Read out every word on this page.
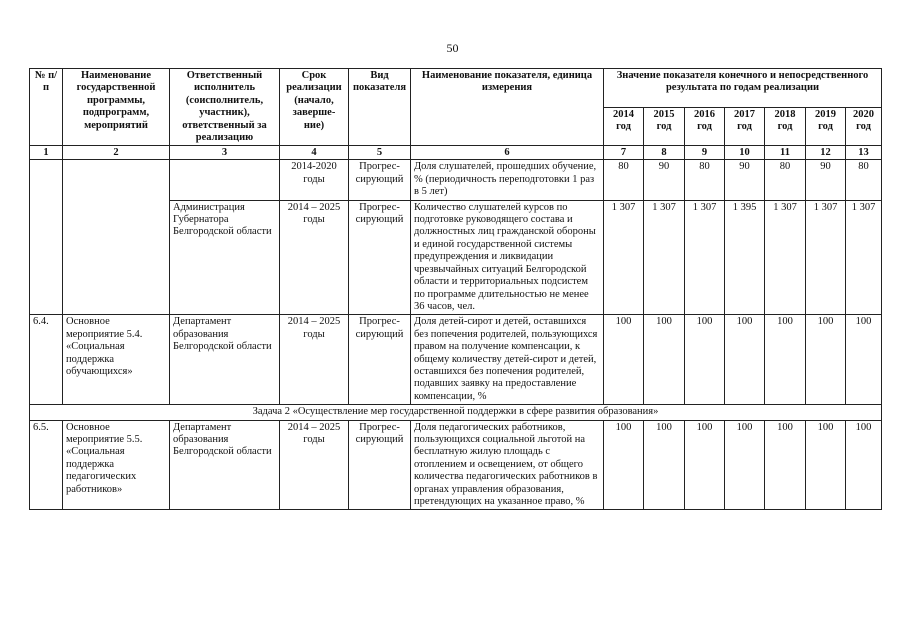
50
№ п/п	Наименование государственной программы, подпрограмм, мероприятий	Ответственный исполнитель (соисполнитель, участник), ответственный за реализацию	Срок реализации (начало, заверше-ние)	Вид показателя	Наименование показателя, единица измерения	Значение показателя конечного и непосредственного результата по годам реализации						
						2014 год	2015 год	2016 год	2017 год	2018 год	2019 год	2020 год
1	2	3	4	5	6	7	8	9	10	11	12	13
			2014-2020 годы	Прогрес-сирующий	Доля слушателей, прошедших обучение, % (периодичность переподготовки 1 раз в 5 лет)	80	90	80	90	80	90	80
		Администрация Губернатора Белгородской области	2014 – 2025 годы	Прогрес-сирующий	Количество слушателей курсов по подготовке руководящего состава и должностных лиц гражданской обороны и единой государственной системы предупреждения и ликвидации чрезвычайных ситуаций Белгородской области и территориальных подсистем по программе длительностью не менее 36 часов, чел.	1 307	1 307	1 307	1 395	1 307	1 307	1 307
6.4.	Основное мероприятие 5.4. «Социальная поддержка обучающихся»	Департамент образования Белгородской области	2014 – 2025 годы	Прогрес-сирующий	Доля детей-сирот и детей, оставшихся без попечения родителей, пользующихся правом на получение компенсации, к общему количеству детей-сирот и детей, оставшихся без попечения родителей, подавших заявку на предоставление компенсации, %	100	100	100	100	100	100	100
Задача 2 «Осуществление мер государственной поддержки в сфере развития образования»												
6.5.	Основное мероприятие 5.5. «Социальная поддержка педагогических работников»	Департамент образования Белгородской области	2014 – 2025 годы	Прогрес-сирующий	Доля педагогических работников, пользующихся социальной льготой на бесплатную жилую площадь с отоплением и освещением, от общего количества педагогических работников в органах управления образования, претендующих на указанное право, %	100	100	100	100	100	100	100
